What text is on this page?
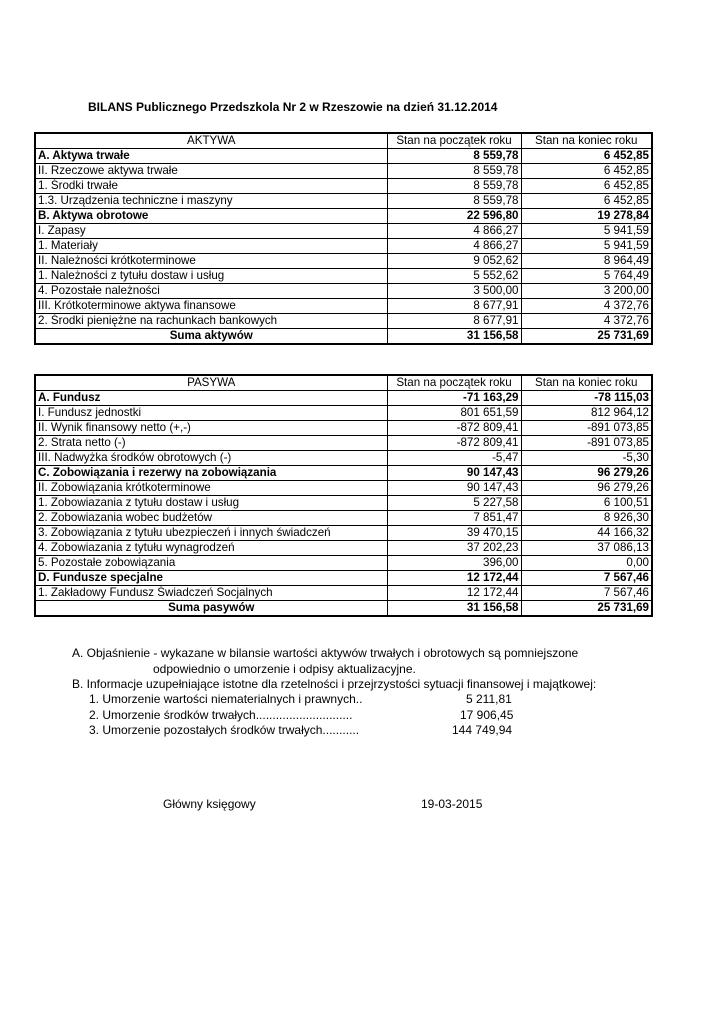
BILANS Publicznego Przedszkola Nr 2 w Rzeszowie na dzień 31.12.2014
AKTYWA	Stan na początek roku	Stan na koniec roku
A. Aktywa trwałe	8 559,78	6 452,85
II. Rzeczowe aktywa trwałe	8 559,78	6 452,85
1. Środki trwałe	8 559,78	6 452,85
1.3. Urządzenia techniczne i maszyny	8 559,78	6 452,85
B. Aktywa obrotowe	22 596,80	19 278,84
I. Zapasy	4 866,27	5 941,59
1. Materiały	4 866,27	5 941,59
II. Należności krótkoterminowe	9 052,62	8 964,49
1. Należności z tytułu dostaw i usług	5 552,62	5 764,49
4. Pozostałe należności	3 500,00	3 200,00
III. Krótkoterminowe aktywa finansowe	8 677,91	4 372,76
2. Środki pieniężne na rachunkach bankowych	8 677,91	4 372,76
Suma aktywów	31 156,58	25 731,69
PASYWA	Stan na początek roku	Stan na koniec roku
A. Fundusz	-71 163,29	-78 115,03
I. Fundusz jednostki	801 651,59	812 964,12
II. Wynik finansowy netto (+,-)	-872 809,41	-891 073,85
2. Strata netto (-)	-872 809,41	-891 073,85
III. Nadwyżka środków obrotowych (-)	-5,47	-5,30
C. Zobowiązania i rezerwy na zobowiązania	90 147,43	96 279,26
II. Zobowiązania krótkoterminowe	90 147,43	96 279,26
1. Zobowiazania z tytułu dostaw i usług	5 227,58	6 100,51
2. Zobowiazania wobec budżetów	7 851,47	8 926,30
3. Zobowiązania z tytułu ubezpieczeń i innych świadczeń	39 470,15	44 166,32
4. Zobowiazania z tytułu wynagrodzeń	37 202,23	37 086,13
5. Pozostałe zobowiązania	396,00	0,00
D. Fundusze specjalne	12 172,44	7 567,46
1. Zakładowy Fundusz Świadczeń Socjalnych	12 172,44	7 567,46
Suma pasywów	31 156,58	25 731,69
A. Objaśnienie - wykazane w bilansie wartości aktywów trwałych i obrotowych są pomniejszone
odpowiednio o umorzenie i odpisy aktualizacyjne.
B. Informacje uzupełniające istotne dla rzetelności i przejrzystości sytuacji finansowej i majątkowej:
1. Umorzenie wartości niematerialnych i prawnych..	5 211,81
2. Umorzenie środków trwałych.............................	17 906,45
3. Umorzenie pozostałych środków trwałych...........	144 749,94
Główny księgowy	19-03-2015
